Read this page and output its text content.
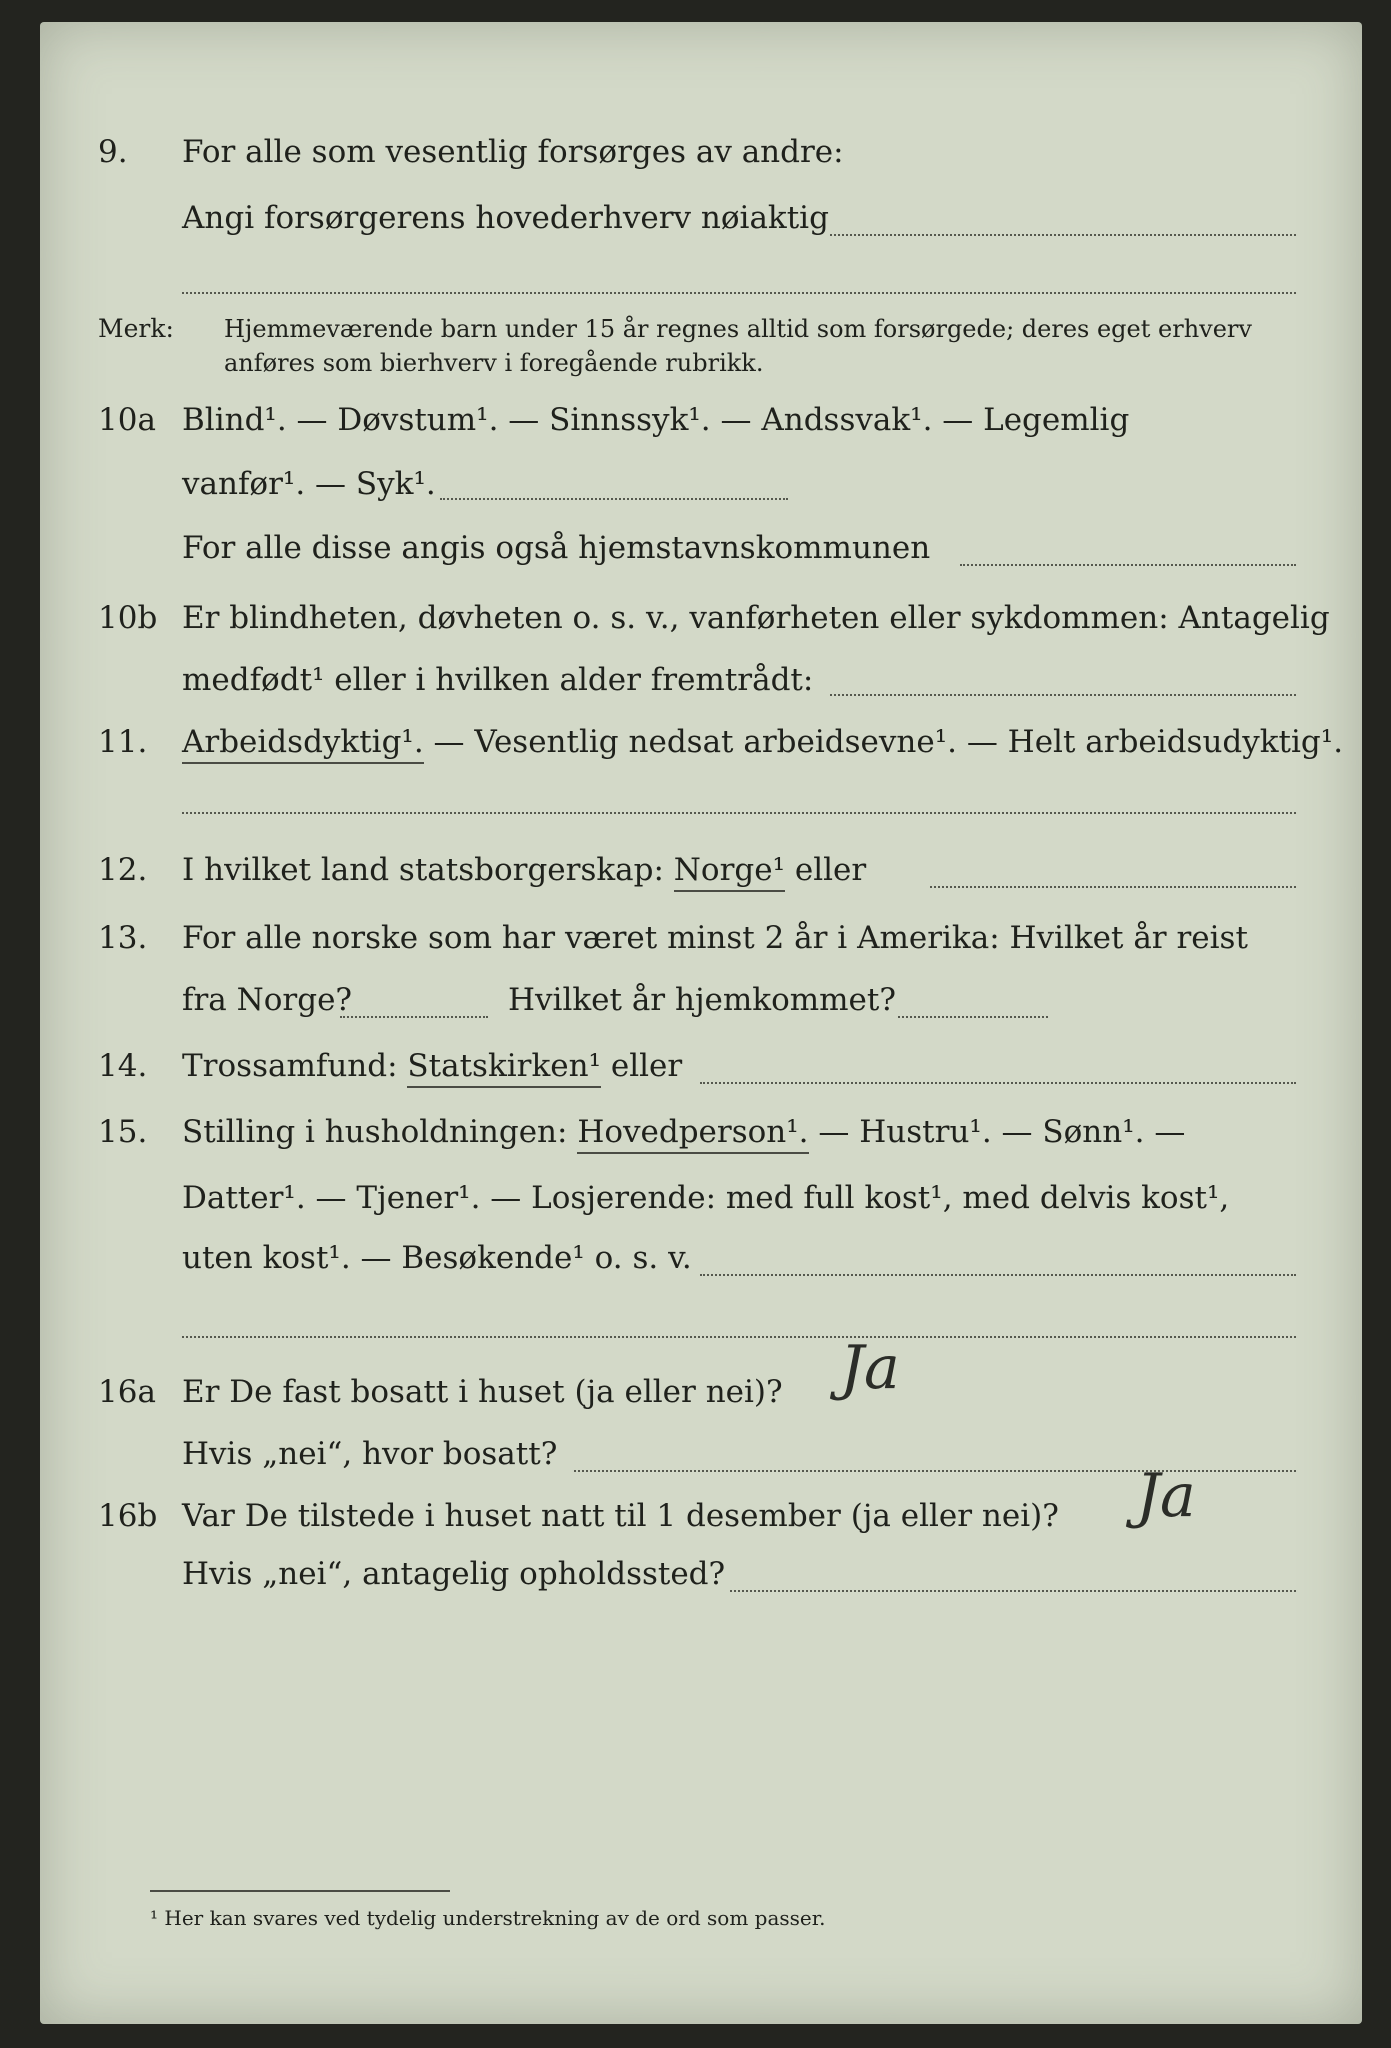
9. For alle som vesentlig forsørges av andre:
Angi forsørgerens hovederhverv nøiaktig
Merk: Hjemmeværende barn under 15 år regnes alltid som forsørgede; deres eget erhverv
anføres som bierhverv i foregående rubrikk.
10a Blind¹. — Døvstum¹. — Sinnssyk¹. — Andssvak¹. — Legemlig
vanfør¹. — Syk¹.
For alle disse angis også hjemstavnskommunen
10b Er blindheten, døvheten o. s. v., vanførheten eller sykdommen: Antagelig
medfødt¹ eller i hvilken alder fremtrådt:
11. Arbeidsdyktig¹. — Vesentlig nedsat arbeidsevne¹. — Helt arbeidsudyktig¹.
12. I hvilket land statsborgerskap: Norge¹ eller
13. For alle norske som har været minst 2 år i Amerika: Hvilket år reist
fra Norge?	Hvilket år hjemkommet?
14. Trossamfund: Statskirken¹ eller
15. Stilling i husholdningen: Hovedperson¹. — Hustru¹. — Sønn¹. —
Datter¹. — Tjener¹. — Losjerende: med full kost¹, med delvis kost¹,
uten kost¹. — Besøkende¹ o. s. v.
16a Er De fast bosatt i huset (ja eller nei)? Ja
Hvis „nei“, hvor bosatt?
16b Var De tilstede i huset natt til 1 desember (ja eller nei)? Ja
Hvis „nei“, antagelig opholdssted?
¹ Her kan svares ved tydelig understrekning av de ord som passer.
